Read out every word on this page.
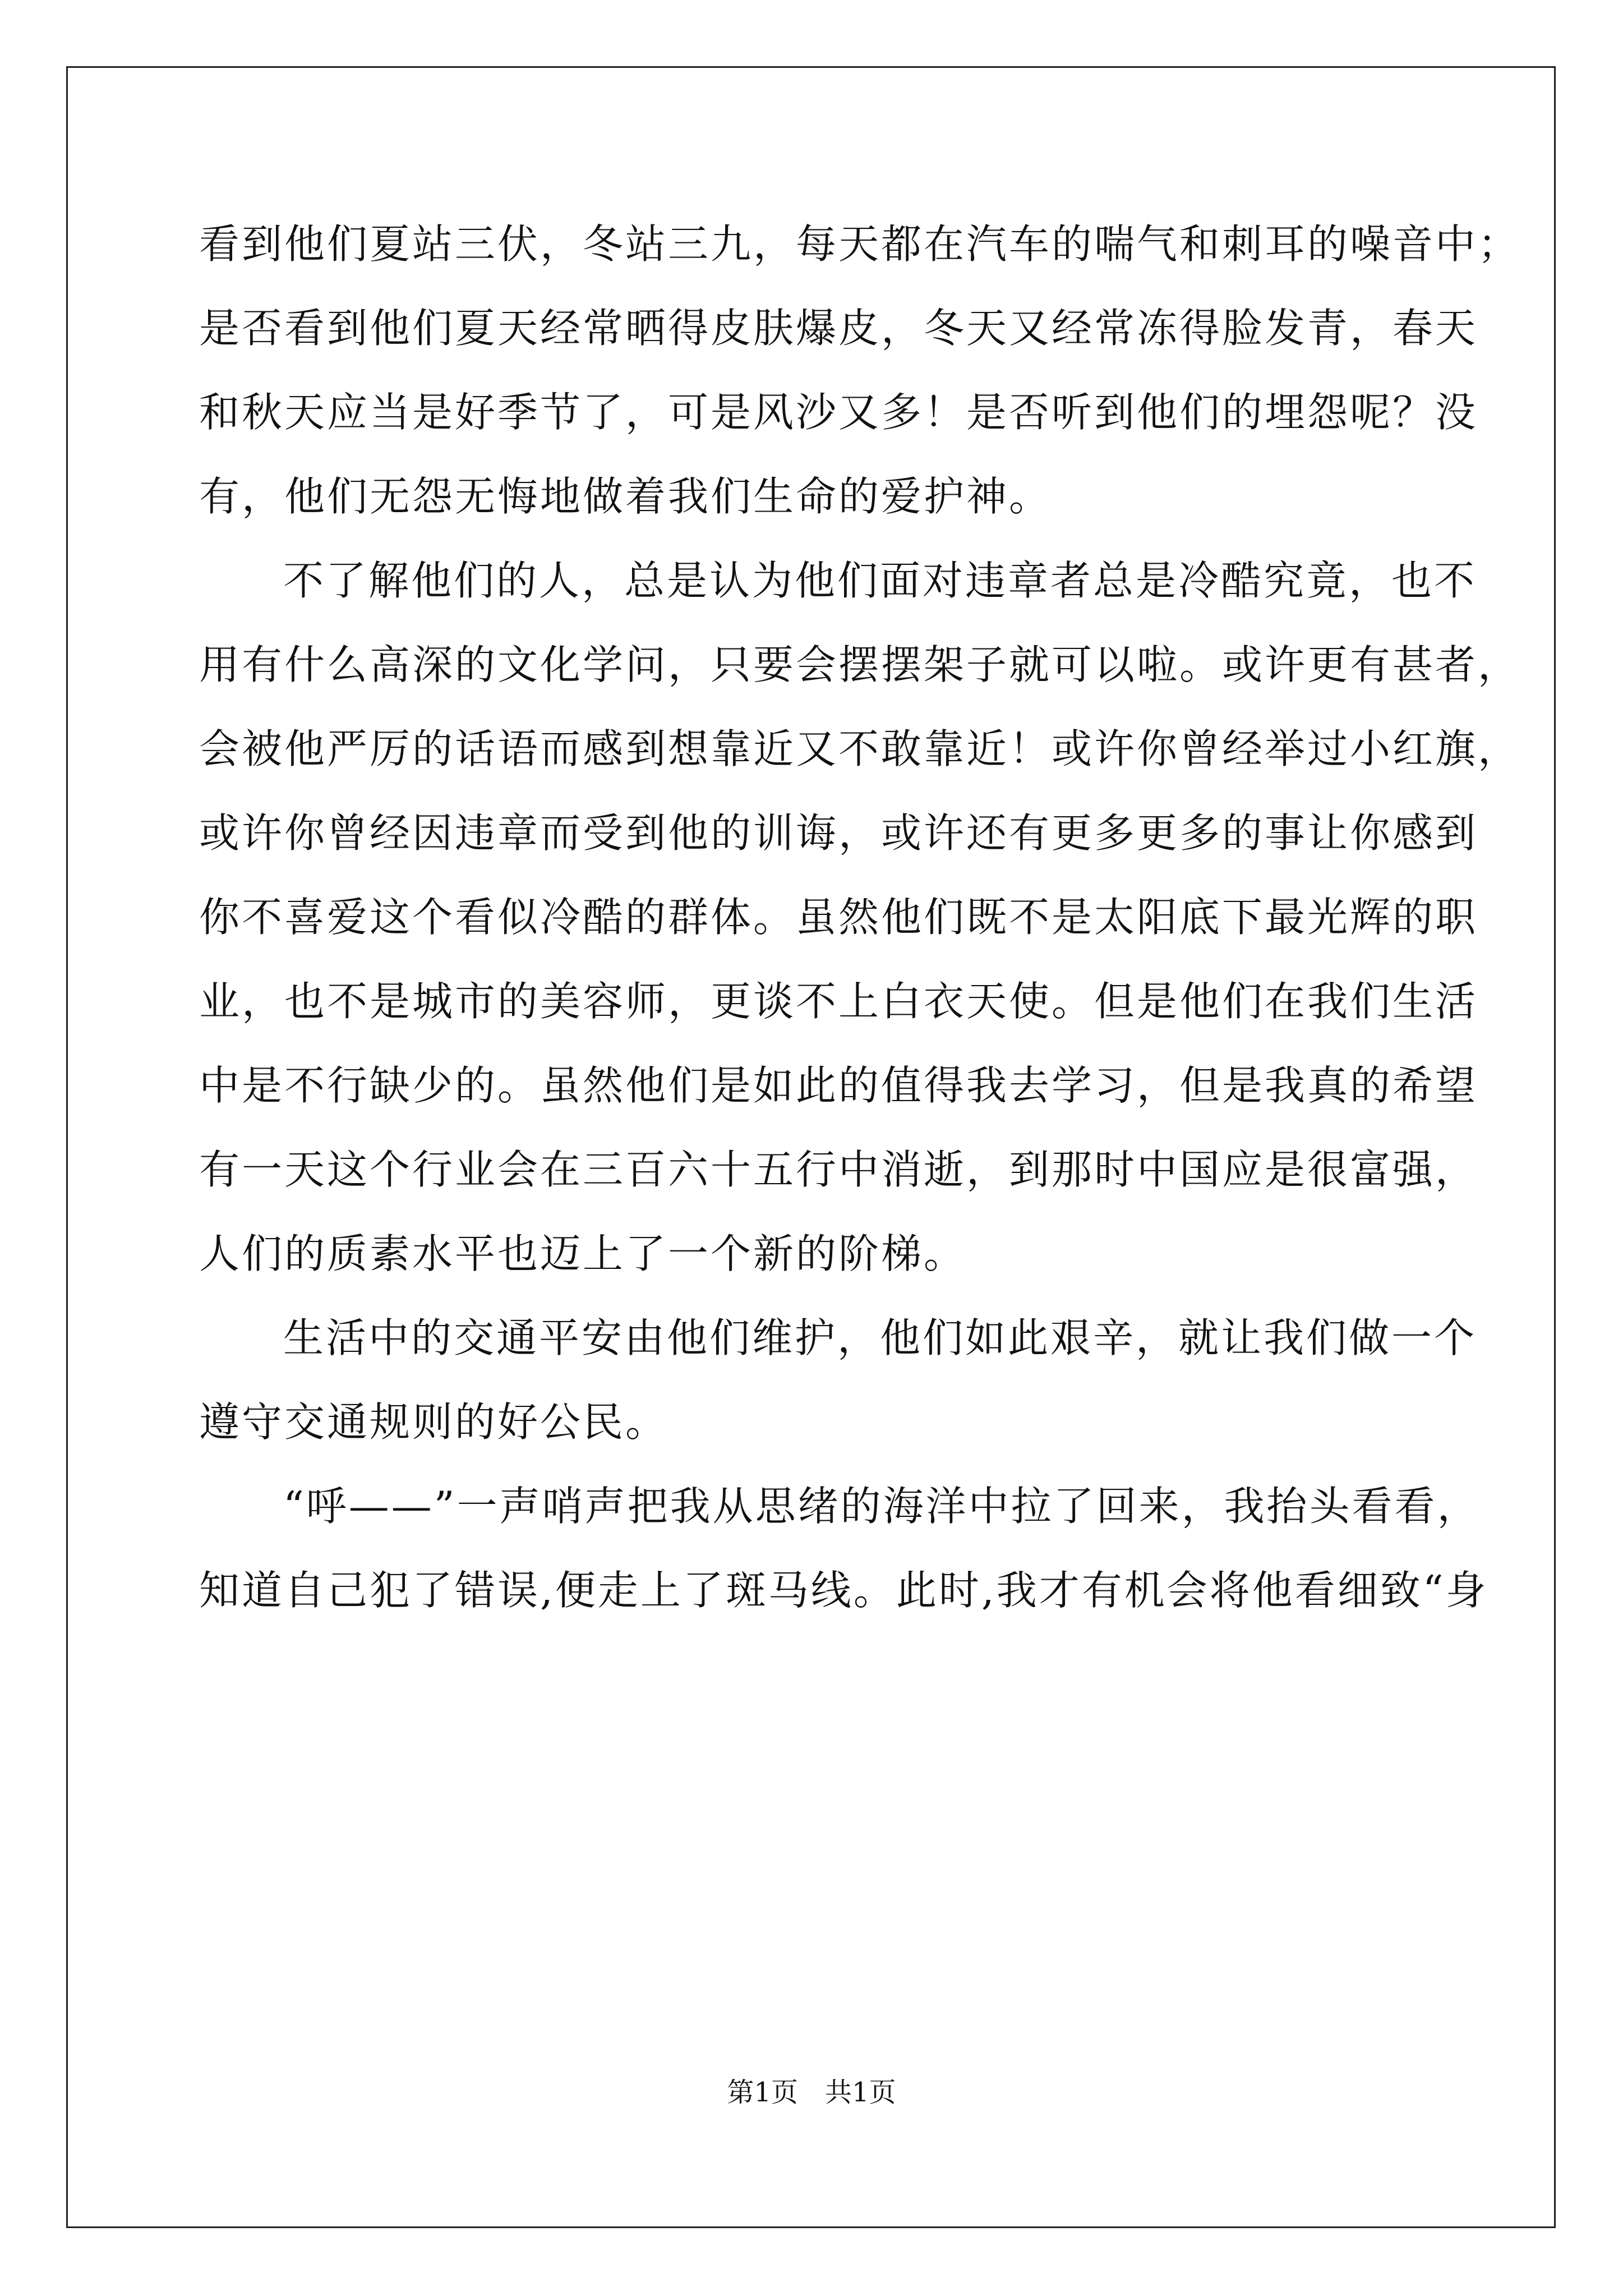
看到他们夏站三伏，冬站三九，每天都在汽车的喘气和刺耳的噪音中；
是否看到他们夏天经常晒得皮肤爆皮，冬天又经常冻得脸发青，春天
和秋天应当是好季节了，可是风沙又多！是否听到他们的埋怨呢？没
有，他们无怨无悔地做着我们生命的爱护神。
不了解他们的人，总是认为他们面对违章者总是冷酷究竟，也不
用有什么高深的文化学问，只要会摆摆架子就可以啦。或许更有甚者，
会被他严厉的话语而感到想靠近又不敢靠近！或许你曾经举过小红旗，
或许你曾经因违章而受到他的训诲，或许还有更多更多的事让你感到
你不喜爱这个看似冷酷的群体。虽然他们既不是太阳底下最光辉的职
业，也不是城市的美容师，更谈不上白衣天使。但是他们在我们生活
中是不行缺少的。虽然他们是如此的值得我去学习，但是我真的希望
有一天这个行业会在三百六十五行中消逝，到那时中国应是很富强，
人们的质素水平也迈上了一个新的阶梯。
生活中的交通平安由他们维护，他们如此艰辛，就让我们做一个
遵守交通规则的好公民。
“呼——”一声哨声把我从思绪的海洋中拉了回来，我抬头看看，
知道自己犯了错误,便走上了斑马线。此时,我才有机会将他看细致“身
第1页　共1页
